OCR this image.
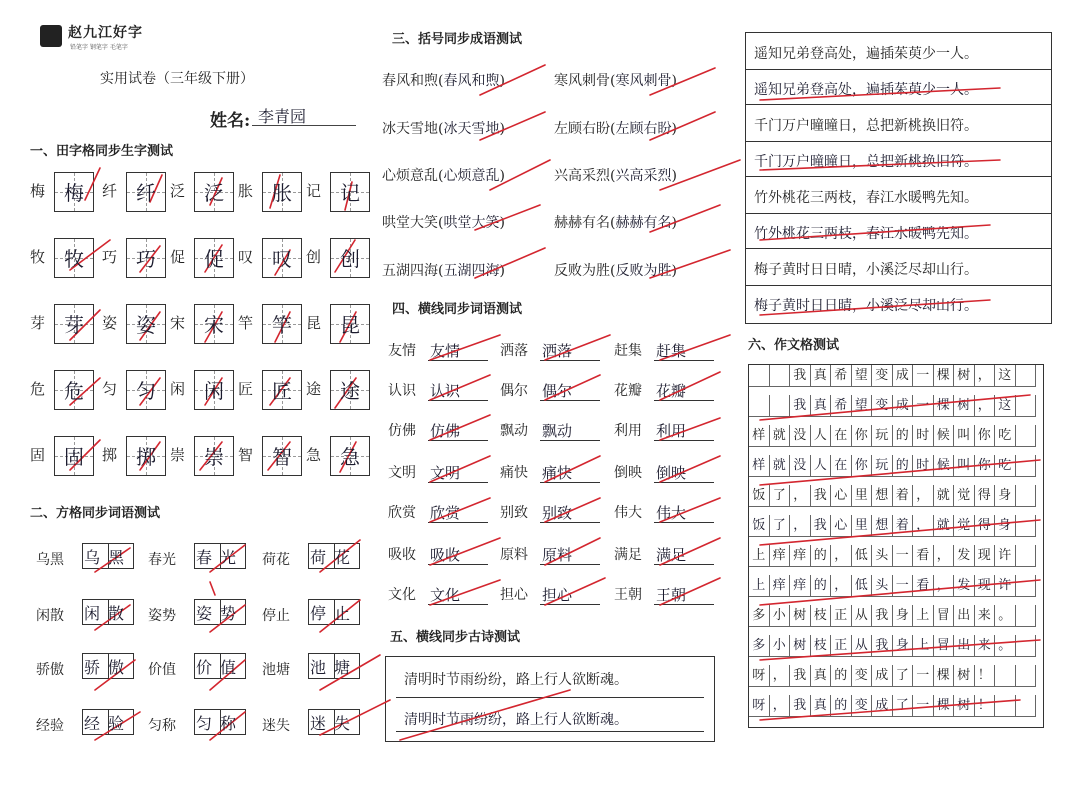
赵九江好字
铅笔字 钢笔字 毛笔字
实用试卷（三年级下册）
姓名: 李青园
一、田字格同步生字测试
二、方格同步词语测试
三、括号同步成语测试
四、横线同步词语测试
五、横线同步古诗测试
六、作文格测试
梅 梅	纤 纤 泛 泛 胀 胀 记 记
牧 牧	巧 巧 促 促 叹 叹 创 创
芽 芽	姿 姿 宋 宋 竿 竿 昆 昆
危 危	匀 匀 闲 闲 匠 匠 途 途
固 固	掷 掷 崇 崇 智 智 急 急
乌黑 乌黑 春光 春光 荷花 荷花
闲散 闲散 姿势 姿势 停止 停止
骄傲 骄傲 价值 价值 池塘 池塘
经验 经验 匀称 匀称 迷失 迷失
春风和煦(春风和煦)	寒风刺骨(寒风刺骨)
冰天雪地(冰天雪地)	左顾右盼(左顾右盼)
心烦意乱(心烦意乱)	兴高采烈(兴高采烈)
哄堂大笑(哄堂大笑)	赫赫有名(赫赫有名)
五湖四海(五湖四海)	反败为胜(反败为胜)
友情 友情	洒落 洒落	赶集 赶集
认识 认识	偶尔 偶尔	花瓣 花瓣
仿佛 仿佛	飘动 飘动	利用 利用
文明 文明	痛快 痛快	倒映 倒映
欣赏 欣赏	别致 别致	伟大 伟大
吸收 吸收	原料 原料	满足 满足
文化 文化	担心 担心	王朝 王朝
清明时节雨纷纷，路上行人欲断魂。
清明时节雨纷纷，路上行人欲断魂。
遥知兄弟登高处，遍插茱萸少一人。
遥知兄弟登高处，遍插茱萸少一人。
千门万户曈曈日，总把新桃换旧符。
千门万户曈曈日，总把新桃换旧符。
竹外桃花三两枝，春江水暖鸭先知。
竹外桃花三两枝，春江水暖鸭先知。
梅子黄时日日晴，小溪泛尽却山行。
梅子黄时日日晴，小溪泛尽却山行。
我 真 希 望 变 成 一 棵 树 ， 这
我 真 希 望 变 成 一 棵 树 ， 这
样 就 没 人 在 你 玩 的 时 候 叫 你 吃
样 就 没 人 在 你 玩 的 时 候 叫 你 吃
饭 了 ， 我 心 里 想 着 ， 就 觉 得 身
饭 了 ， 我 心 里 想 着 ， 就 觉 得 身
上 痒 痒 的 ， 低 头 一 看 ， 发 现 许
上 痒 痒 的 ， 低 头 一 看 ， 发 现 许
多 小 树 枝 正 从 我 身 上 冒 出 来 。
多 小 树 枝 正 从 我 身 上 冒 出 来 。
呀 ， 我 真 的 变 成 了 一 棵 树 ！
呀 ， 我 真 的 变 成 了 一 棵 树 ！
